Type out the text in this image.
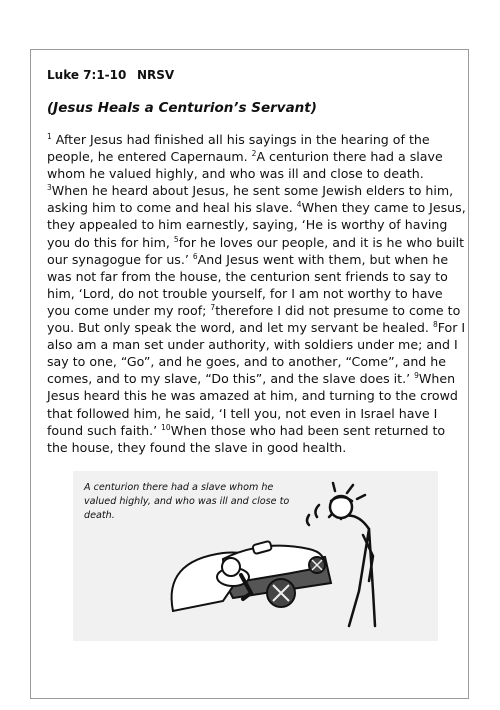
Luke 7:1-10 NRSV
(Jesus Heals a Centurion’s Servant)
$^1$ After Jesus had finished all his sayings in the hearing of the people, he entered Capernaum. $^2$A centurion there had a slave whom he valued highly, and who was ill and close to death. $^3$When he heard about Jesus, he sent some Jewish elders to him, asking him to come and heal his slave. $^4$When they came to Jesus, they appealed to him earnestly, saying, ‘He is worthy of having you do this for him, $^5$for he loves our people, and it is he who built our synagogue for us.’ $^6$And Jesus went with them, but when he was not far from the house, the centurion sent friends to say to him, ‘Lord, do not trouble yourself, for I am not worthy to have you come under my roof; $^7$therefore I did not presume to come to you. But only speak the word, and let my servant be healed. $^8$For I also am a man set under authority, with soldiers under me; and I say to one, “Go”, and he goes, and to another, “Come”, and he comes, and to my slave, “Do this”, and the slave does it.’ $^9$When Jesus heard this he was amazed at him, and turning to the crowd that followed him, he said, ‘I tell you, not even in Israel have I found such faith.’ $^{10}$When those who had been sent returned to the house, they found the slave in good health.
A centurion there had a slave whom he valued highly, and who was ill and close to death.
